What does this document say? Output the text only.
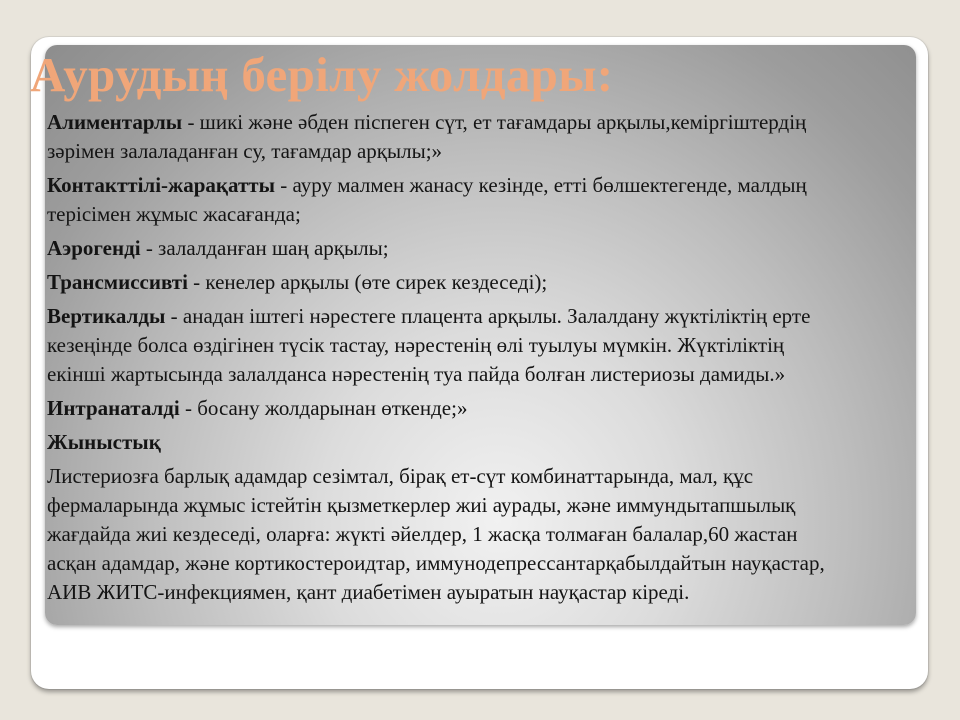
Аурудың берілу жолдары:

Алиментарлы - шикі және әбден піспеген сүт, ет тағамдары арқылы,кеміргіштердің зәрімен залаладанған су, тағамдар арқылы;»

Контакттілі-жарақатты - ауру малмен жанасу кезінде, етті бөлшектегенде, малдың терісімен жұмыс жасағанда;

Аэрогенді - залалданған шаң арқылы;

Трансмиссивті - кенелер арқылы (өте сирек кездеседі);

Вертикалды - анадан іштегі нәрестеге плацента арқылы. Залалдану жүктіліктің ерте кезеңінде болса өздігінен түсік тастау, нәрестенің өлі туылуы мүмкін. Жүктіліктің екінші жартысында залалданса нәрестенің туа пайда болған листериозы дамиды.»

Интранаталді - босану жолдарынан өткенде;»

Жыныстық

Листериозға барлық адамдар сезімтал, бірақ ет-сүт комбинаттарында, мал, құс фермаларында жұмыс істейтін қызметкерлер жиі аурады, және иммундытапшылық жағдайда жиі кездеседі, оларға: жүкті әйелдер, 1 жасқа толмаған балалар,60 жастан асқан адамдар, және кортикостероидтар, иммунодепрессантарқабылдайтын науқастар, АИВ ЖИТС-инфекциямен, қант диабетімен ауыратын науқастар кіреді.
